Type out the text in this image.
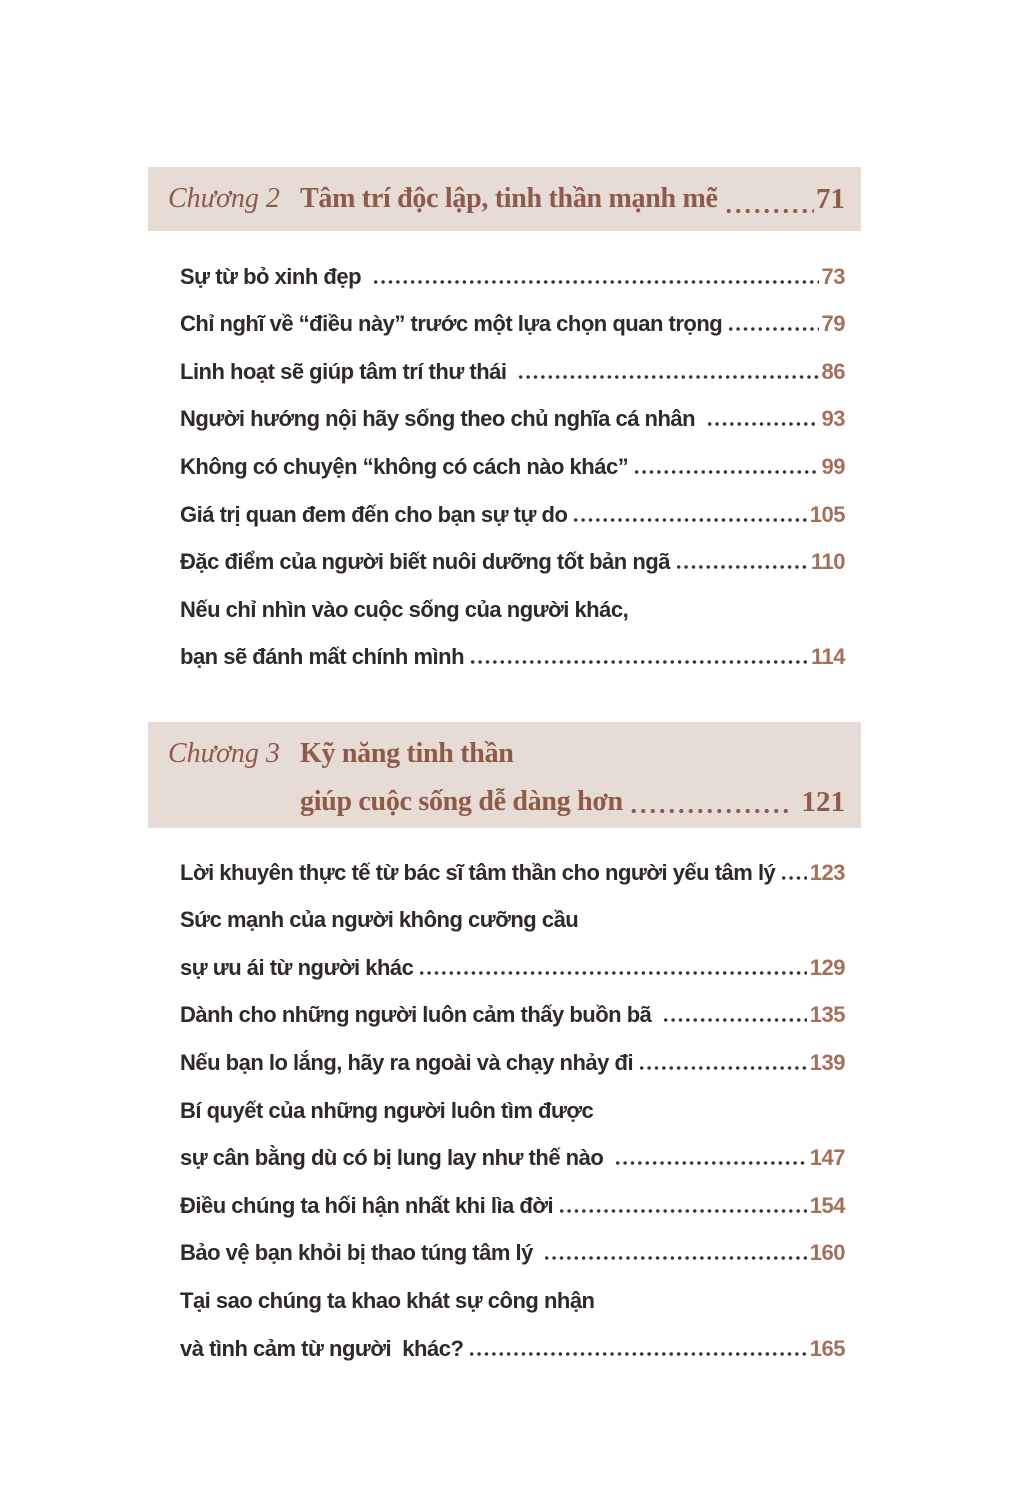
Chương 2 Tâm trí độc lập, tinh thần mạnh mẽ	71
Sự từ bỏ xinh đẹp	73
Chỉ nghĩ về “điều này” trước một lựa chọn quan trọng	79
Linh hoạt sẽ giúp tâm trí thư thái	86
Người hướng nội hãy sống theo chủ nghĩa cá nhân	93
Không có chuyện “không có cách nào khác”	99
Giá trị quan đem đến cho bạn sự tự do	105
Đặc điểm của người biết nuôi dưỡng tốt bản ngã	110
Nếu chỉ nhìn vào cuộc sống của người khác,
bạn sẽ đánh mất chính mình	114
Chương 3 Kỹ năng tinh thần
giúp cuộc sống dễ dàng hơn	121
Lời khuyên thực tế từ bác sĩ tâm thần cho người yếu tâm lý 123
Sức mạnh của người không cưỡng cầu
sự ưu ái từ người khác	129
Dành cho những người luôn cảm thấy buồn bã	135
Nếu bạn lo lắng, hãy ra ngoài và chạy nhảy đi	139
Bí quyết của những người luôn tìm được
sự cân bằng dù có bị lung lay như thế nào	147
Điều chúng ta hối hận nhất khi lìa đời	154
Bảo vệ bạn khỏi bị thao túng tâm lý	160
Tại sao chúng ta khao khát sự công nhận
và tình cảm từ người  khác?	165
